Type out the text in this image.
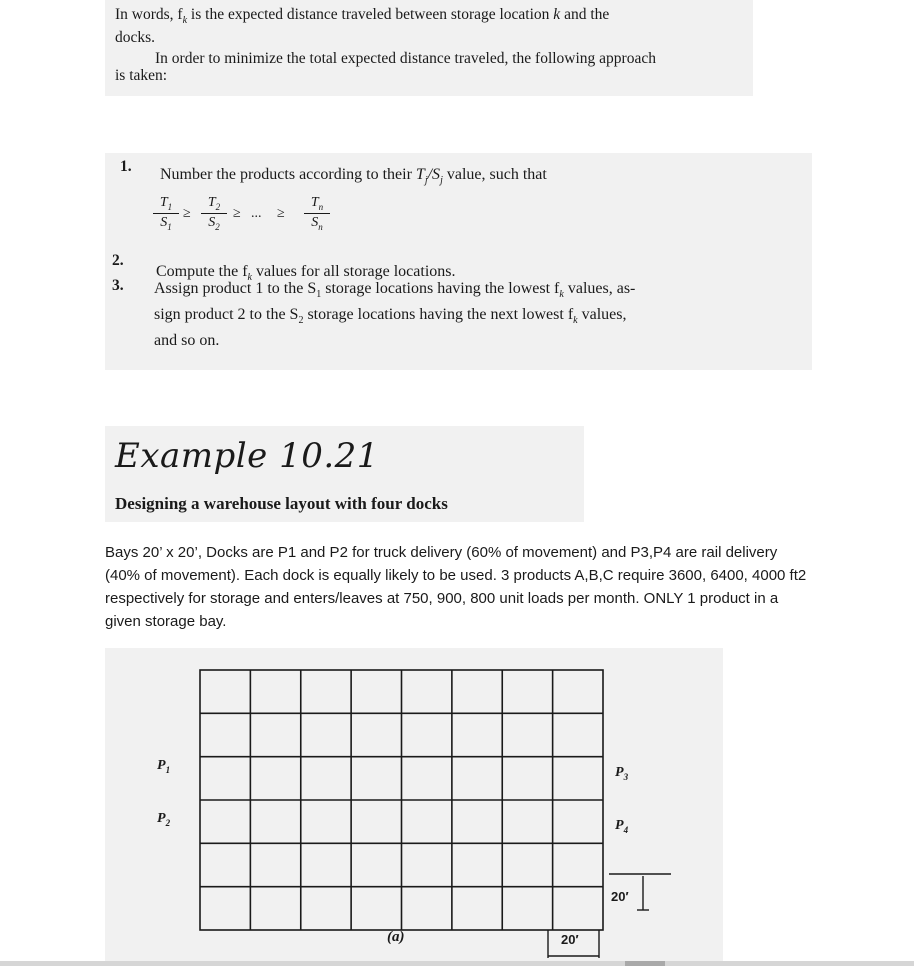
In words, $f_k$ is the expected distance traveled between storage location k and the
docks.
In order to minimize the total expected distance traveled, the following approach
is taken:
1. Number the products according to their $T_j/S_j$ value, such that
$\frac{T_1}{S_1} \ge \frac{T_2}{S_2}$ ≥ ... ≥ $\frac{T_n}{S_n}$
2.
Compute the $f_k$ values for all storage locations.
3. Assign product 1 to the $S_1$ storage locations having the lowest $f_k$ values, as-
sign product 2 to the $S_2$ storage locations having the next lowest $f_k$ values,
and so on.
Example 10.21
Designing a warehouse layout with four docks
Bays 20’ x 20’, Docks are P1 and P2 for truck delivery (60% of movement) and P3,P4 are rail delivery (40% of movement). Each dock is equally likely to be used. 3 products A,B,C require 3600, 6400, 4000 ft2 respectively for storage and enters/leaves at 750, 900, 800 unit loads per month. ONLY 1 product in a given storage bay.
$P_1$
$P_2$
$P_3$
$P_4$
20′
20′
(a)
